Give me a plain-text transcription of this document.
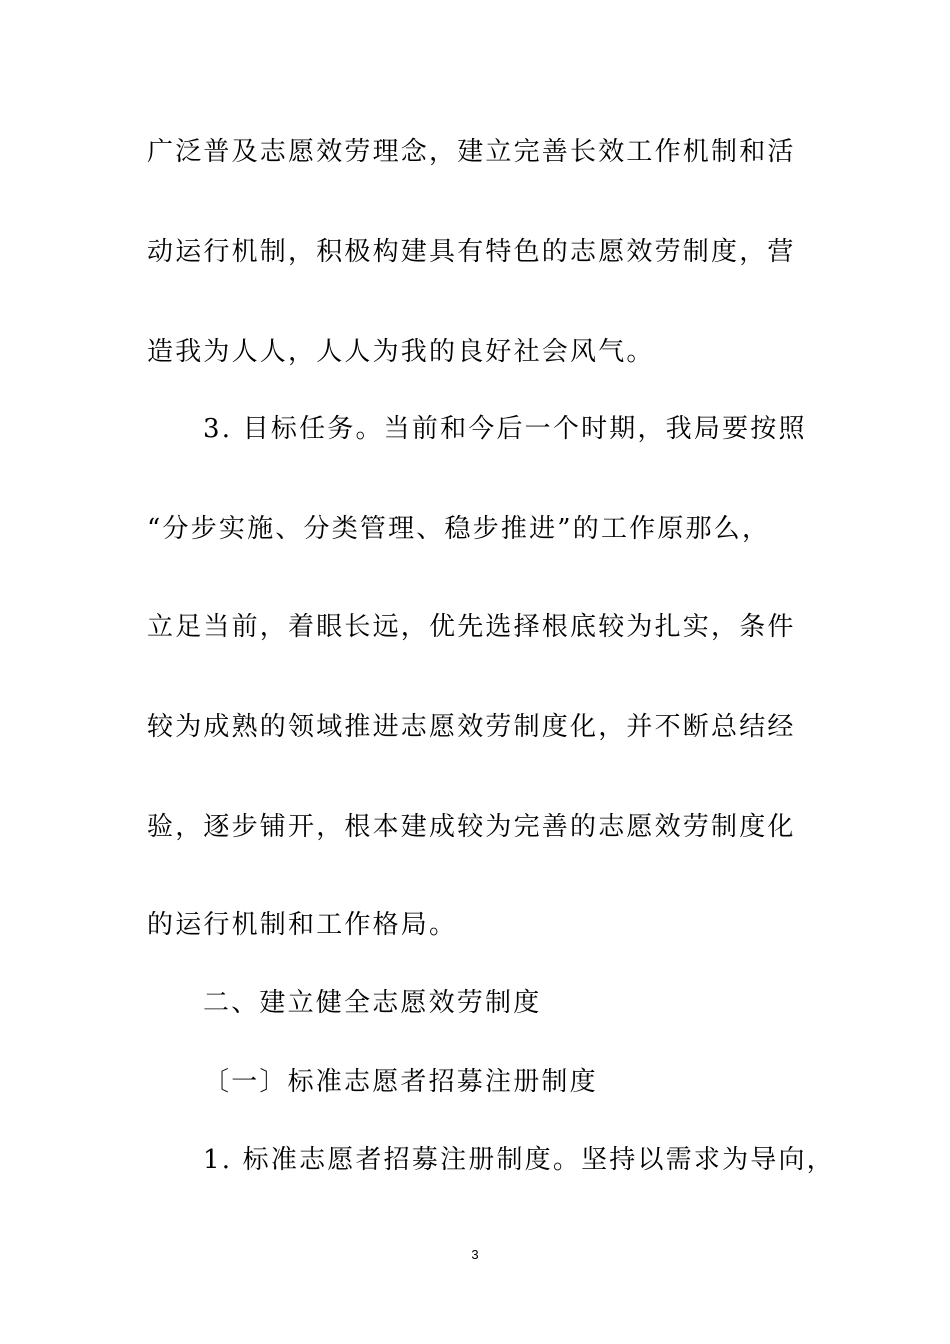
广泛普及志愿效劳理念，建立完善长效工作机制和活
动运行机制，积极构建具有特色的志愿效劳制度，营
造我为人人，人人为我的良好社会风气。
3. 目标任务。当前和今后一个时期，我局要按照
“分步实施、分类管理、稳步推进”的工作原那么，
立足当前，着眼长远，优先选择根底较为扎实，条件
较为成熟的领域推进志愿效劳制度化，并不断总结经
验，逐步铺开，根本建成较为完善的志愿效劳制度化
的运行机制和工作格局。
二、建立健全志愿效劳制度
〔一〕标准志愿者招募注册制度
1. 标准志愿者招募注册制度。坚持以需求为导向，
3
